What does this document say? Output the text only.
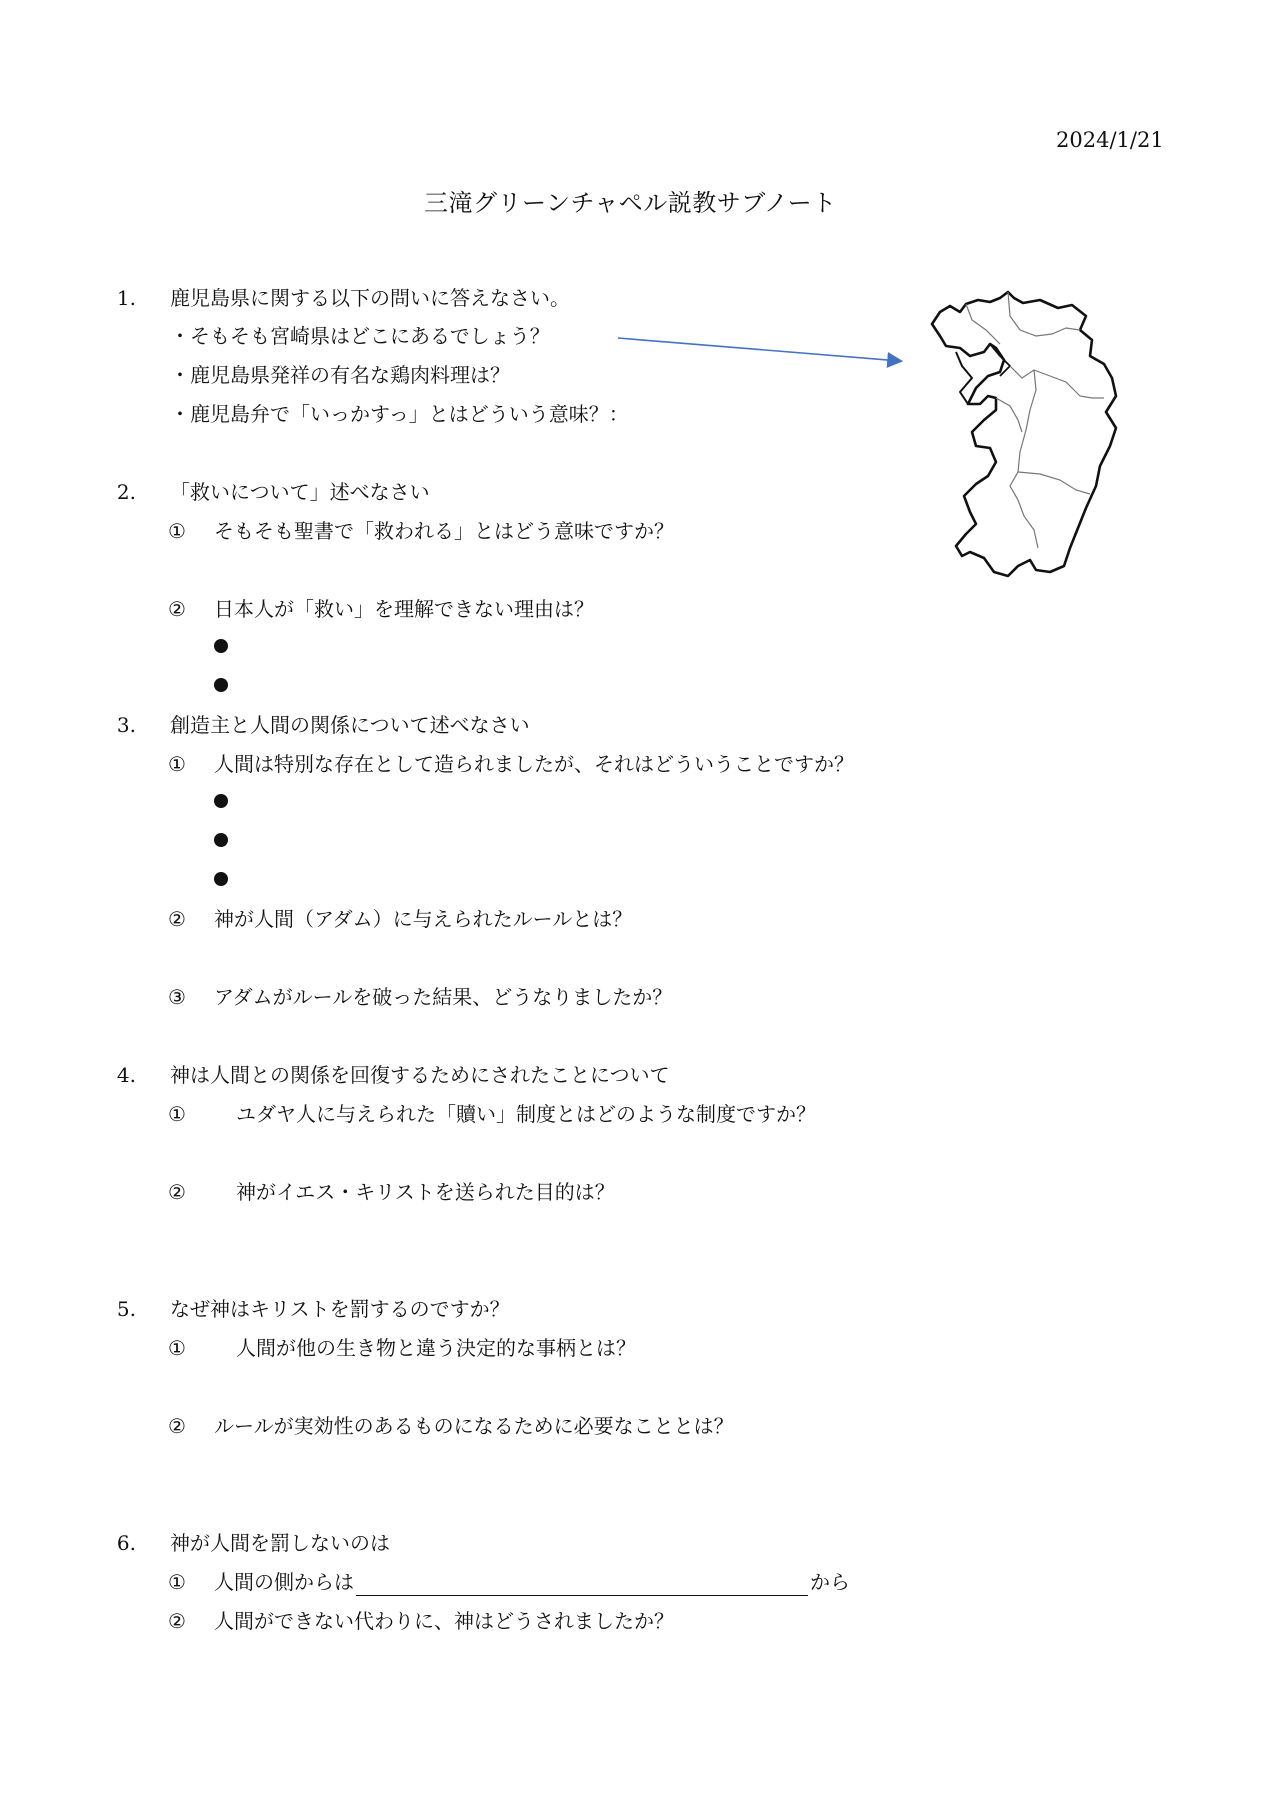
2024/1/21
三滝グリーンチャペル説教サブノート
1. 鹿児島県に関する以下の問いに答えなさい。
・そもそも宮崎県はどこにあるでしょう？
・鹿児島県発祥の有名な鶏肉料理は？
・鹿児島弁で「いっかすっ」とはどういう意味？：
2. 「救いについて」述べなさい
① そもそも聖書で「救われる」とはどう意味ですか？
② 日本人が「救い」を理解できない理由は？
3. 創造主と人間の関係について述べなさい
① 人間は特別な存在として造られましたが、それはどういうことですか？
② 神が人間（アダム）に与えられたルールとは？
③ アダムがルールを破った結果、どうなりましたか？
4. 神は人間との関係を回復するためにされたことについて
①	ユダヤ人に与えられた「贖い」制度とはどのような制度ですか？
②	神がイエス・キリストを送られた目的は？
5. なぜ神はキリストを罰するのですか？
①	人間が他の生き物と違う決定的な事柄とは？
② ルールが実効性のあるものになるために必要なこととは？
6. 神が人間を罰しないのは
① 人間の側からは	から
② 人間ができない代わりに、神はどうされましたか？
